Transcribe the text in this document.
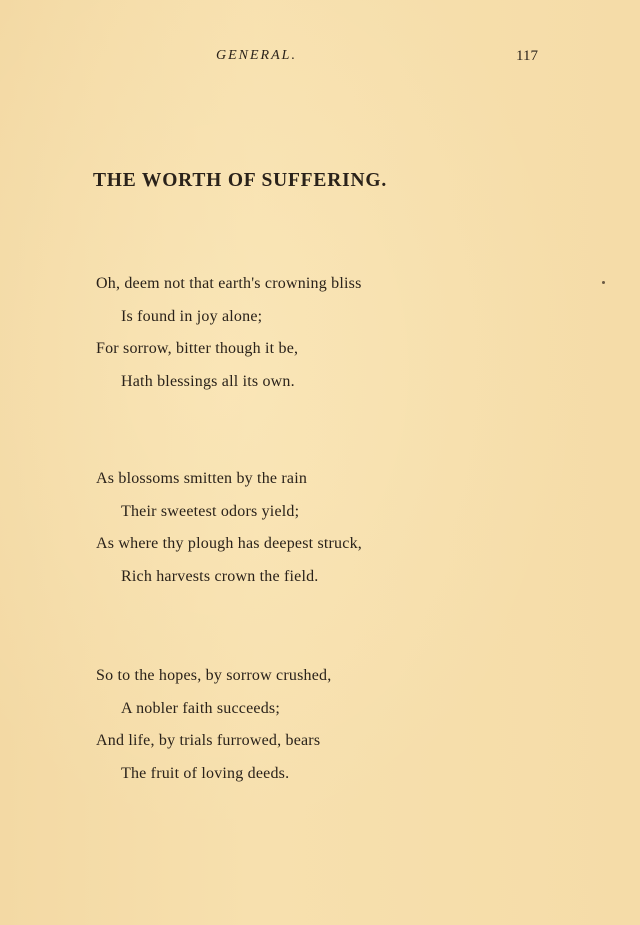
GENERAL.	117
THE WORTH OF SUFFERING.
Oh, deem not that earth's crowning bliss
Is found in joy alone;
For sorrow, bitter though it be,
Hath blessings all its own.
As blossoms smitten by the rain
Their sweetest odors yield;
As where thy plough has deepest struck,
Rich harvests crown the field.
So to the hopes, by sorrow crushed,
A nobler faith succeeds;
And life, by trials furrowed, bears
The fruit of loving deeds.
